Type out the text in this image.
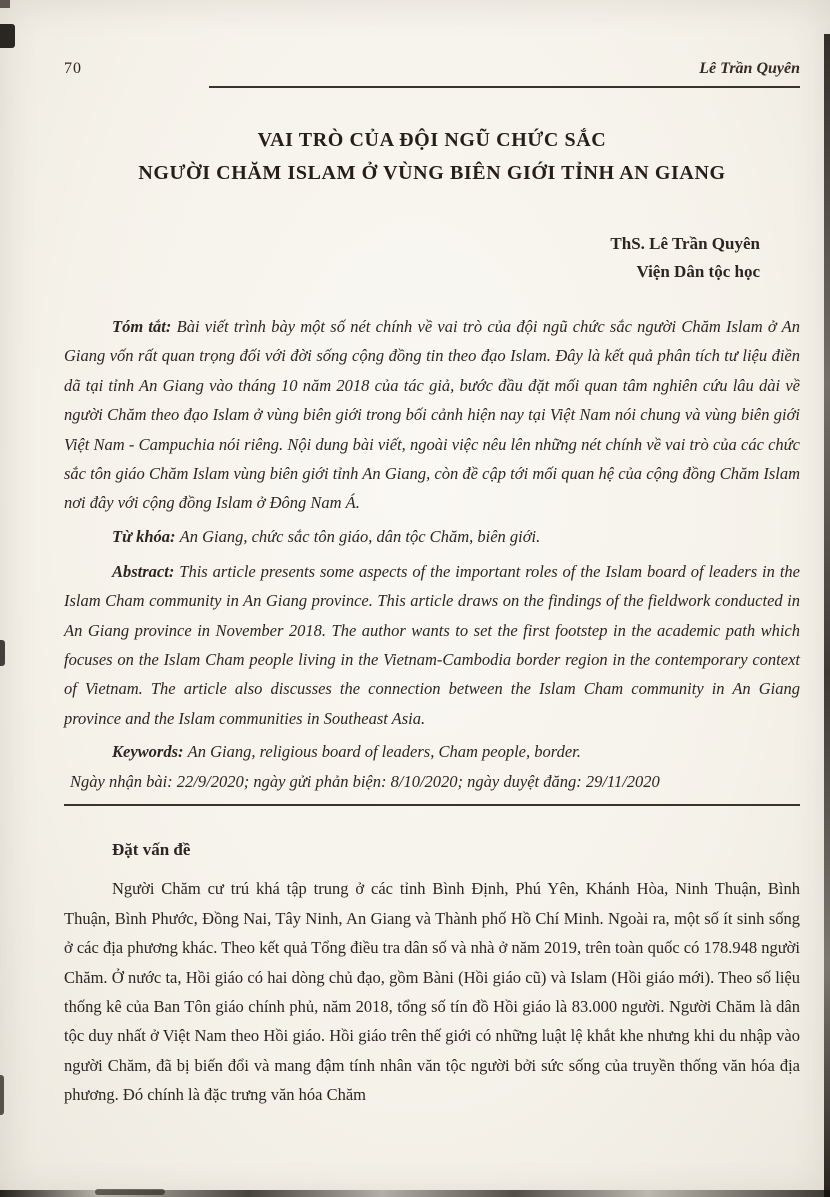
70	Lê Trần Quyên
VAI TRÒ CỦA ĐỘI NGŨ CHỨC SẮC
NGƯỜI CHĂM ISLAM Ở VÙNG BIÊN GIỚI TỈNH AN GIANG
ThS. Lê Trần Quyên
Viện Dân tộc học

Tóm tắt: Bài viết trình bày một số nét chính về vai trò của đội ngũ chức sắc người Chăm Islam ở An Giang vốn rất quan trọng đối với đời sống cộng đồng tin theo đạo Islam. Đây là kết quả phân tích tư liệu điền dã tại tỉnh An Giang vào tháng 10 năm 2018 của tác giả, bước đầu đặt mối quan tâm nghiên cứu lâu dài về người Chăm theo đạo Islam ở vùng biên giới trong bối cảnh hiện nay tại Việt Nam nói chung và vùng biên giới Việt Nam - Campuchia nói riêng. Nội dung bài viết, ngoài việc nêu lên những nét chính về vai trò của các chức sắc tôn giáo Chăm Islam vùng biên giới tỉnh An Giang, còn đề cập tới mối quan hệ của cộng đồng Chăm Islam nơi đây với cộng đồng Islam ở Đông Nam Á.

Từ khóa: An Giang, chức sắc tôn giáo, dân tộc Chăm, biên giới.

Abstract: This article presents some aspects of the important roles of the Islam board of leaders in the Islam Cham community in An Giang province. This article draws on the findings of the fieldwork conducted in An Giang province in November 2018. The author wants to set the first footstep in the academic path which focuses on the Islam Cham people living in the Vietnam-Cambodia border region in the contemporary context of Vietnam. The article also discusses the connection between the Islam Cham community in An Giang province and the Islam communities in Southeast Asia.

Keywords: An Giang, religious board of leaders, Cham people, border.

Ngày nhận bài: 22/9/2020; ngày gửi phản biện: 8/10/2020; ngày duyệt đăng: 29/11/2020
Đặt vấn đề

Người Chăm cư trú khá tập trung ở các tỉnh Bình Định, Phú Yên, Khánh Hòa, Ninh Thuận, Bình Thuận, Bình Phước, Đồng Nai, Tây Ninh, An Giang và Thành phố Hồ Chí Minh. Ngoài ra, một số ít sinh sống ở các địa phương khác. Theo kết quả Tổng điều tra dân số và nhà ở năm 2019, trên toàn quốc có 178.948 người Chăm. Ở nước ta, Hồi giáo có hai dòng chủ đạo, gồm Bàni (Hồi giáo cũ) và Islam (Hồi giáo mới). Theo số liệu thống kê của Ban Tôn giáo chính phủ, năm 2018, tổng số tín đồ Hồi giáo là 83.000 người. Người Chăm là dân tộc duy nhất ở Việt Nam theo Hồi giáo. Hồi giáo trên thế giới có những luật lệ khắt khe nhưng khi du nhập vào người Chăm, đã bị biến đổi và mang đậm tính nhân văn tộc người bởi sức sống của truyền thống văn hóa địa phương. Đó chính là đặc trưng văn hóa Chăm
